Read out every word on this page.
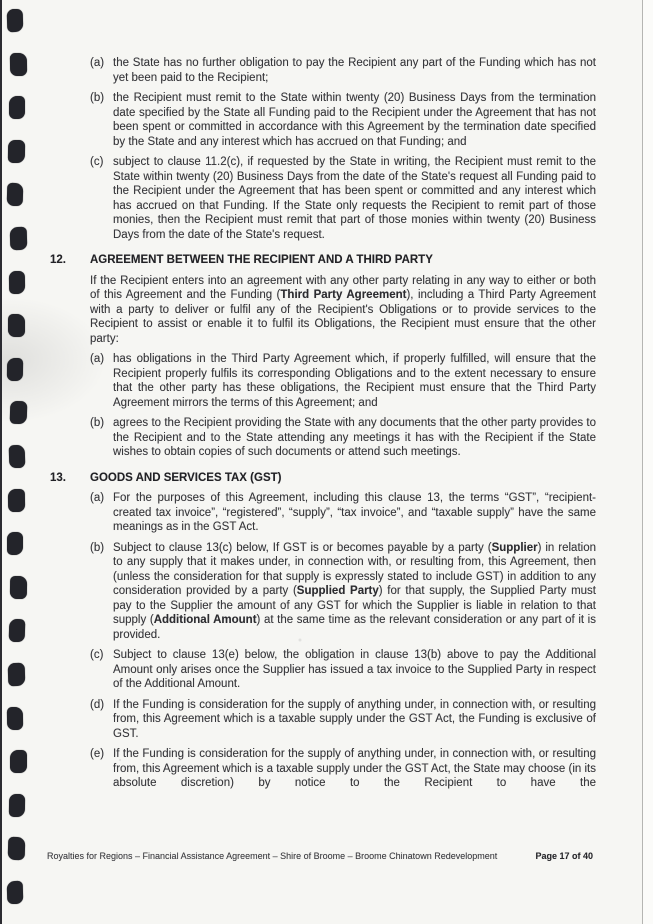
(a) the State has no further obligation to pay the Recipient any part of the Funding which has not yet been paid to the Recipient;

(b) the Recipient must remit to the State within twenty (20) Business Days from the termination date specified by the State all Funding paid to the Recipient under the Agreement that has not been spent or committed in accordance with this Agreement by the termination date specified by the State and any interest which has accrued on that Funding; and

(c) subject to clause 11.2(c), if requested by the State in writing, the Recipient must remit to the State within twenty (20) Business Days from the date of the State's request all Funding paid to the Recipient under the Agreement that has been spent or committed and any interest which has accrued on that Funding. If the State only requests the Recipient to remit part of those monies, then the Recipient must remit that part of those monies within twenty (20) Business Days from the date of the State's request.

12. AGREEMENT BETWEEN THE RECIPIENT AND A THIRD PARTY

If the Recipient enters into an agreement with any other party relating in any way to either or both of this Agreement and the Funding (Third Party Agreement), including a Third Party Agreement with a party to deliver or fulfil any of the Recipient's Obligations or to provide services to the Recipient to assist or enable it to fulfil its Obligations, the Recipient must ensure that the other party:

(a) has obligations in the Third Party Agreement which, if properly fulfilled, will ensure that the Recipient properly fulfils its corresponding Obligations and to the extent necessary to ensure that the other party has these obligations, the Recipient must ensure that the Third Party Agreement mirrors the terms of this Agreement; and

(b) agrees to the Recipient providing the State with any documents that the other party provides to the Recipient and to the State attending any meetings it has with the Recipient if the State wishes to obtain copies of such documents or attend such meetings.

13. GOODS AND SERVICES TAX (GST)
(a) For the purposes of this Agreement, including this clause 13, the terms “GST”, “recipient-created tax invoice”, “registered”, “supply”, “tax invoice”, and “taxable supply” have the same meanings as in the GST Act.

(b) Subject to clause 13(c) below, If GST is or becomes payable by a party (Supplier) in relation to any supply that it makes under, in connection with, or resulting from, this Agreement, then (unless the consideration for that supply is expressly stated to include GST) in addition to any consideration provided by a party (Supplied Party) for that supply, the Supplied Party must pay to the Supplier the amount of any GST for which the Supplier is liable in relation to that supply (Additional Amount) at the same time as the relevant consideration or any part of it is provided.

(c) Subject to clause 13(e) below, the obligation in clause 13(b) above to pay the Additional Amount only arises once the Supplier has issued a tax invoice to the Supplied Party in respect of the Additional Amount.

(d) If the Funding is consideration for the supply of anything under, in connection with, or resulting from, this Agreement which is a taxable supply under the GST Act, the Funding is exclusive of GST.

(e) If the Funding is consideration for the supply of anything under, in connection with, or resulting from, this Agreement which is a taxable supply under the GST Act, the State may choose (in its absolute discretion) by notice to the Recipient to have the

Royalties for Regions – Financial Assistance Agreement – Shire of Broome – Broome Chinatown Redevelopment	Page 17 of 40
